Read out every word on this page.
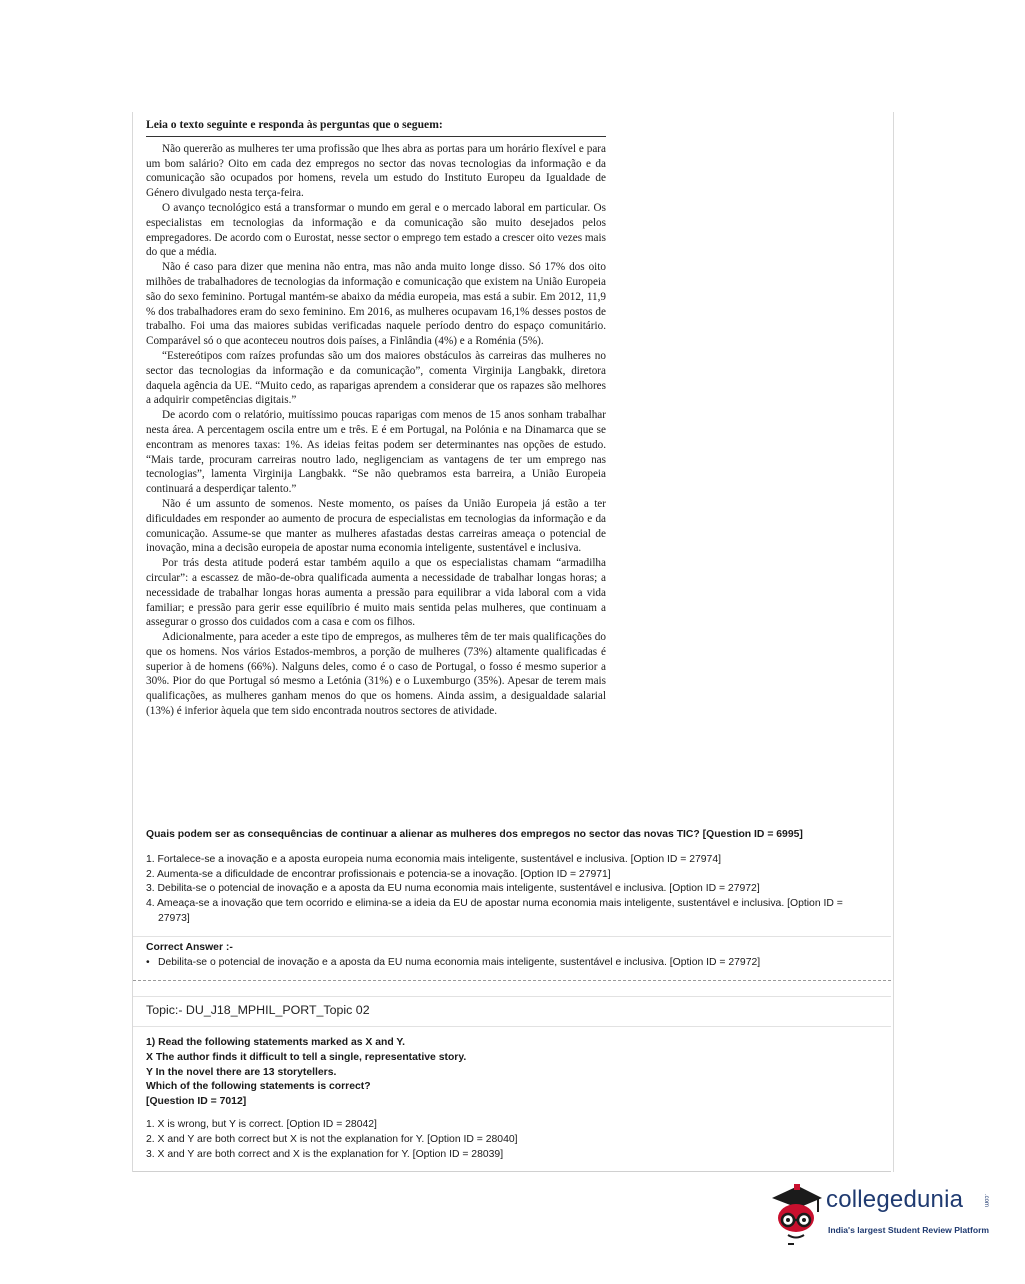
Leia o texto seguinte e responda às perguntas que o seguem:

Não quererão as mulheres ter uma profissão que lhes abra as portas para um horário flexível e para um bom salário? Oito em cada dez empregos no sector das novas tecnologias da informação e da comunicação são ocupados por homens, revela um estudo do Instituto Europeu da Igualdade de Género divulgado nesta terça-feira.

O avanço tecnológico está a transformar o mundo em geral e o mercado laboral em particular. Os especialistas em tecnologias da informação e da comunicação são muito desejados pelos empregadores. De acordo com o Eurostat, nesse sector o emprego tem estado a crescer oito vezes mais do que a média.

Não é caso para dizer que menina não entra, mas não anda muito longe disso. Só 17% dos oito milhões de trabalhadores de tecnologias da informação e comunicação que existem na União Europeia são do sexo feminino. Portugal mantém-se abaixo da média europeia, mas está a subir. Em 2012, 11,9 % dos trabalhadores eram do sexo feminino. Em 2016, as mulheres ocupavam 16,1% desses postos de trabalho. Foi uma das maiores subidas verificadas naquele período dentro do espaço comunitário. Comparável só o que aconteceu noutros dois países, a Finlândia (4%) e a Roménia (5%).

“Estereótipos com raízes profundas são um dos maiores obstáculos às carreiras das mulheres no sector das tecnologias da informação e da comunicação”, comenta Virginija Langbakk, diretora daquela agência da UE. “Muito cedo, as raparigas aprendem a considerar que os rapazes são melhores a adquirir competências digitais.”

De acordo com o relatório, muitíssimo poucas raparigas com menos de 15 anos sonham trabalhar nesta área. A percentagem oscila entre um e três. E é em Portugal, na Polónia e na Dinamarca que se encontram as menores taxas: 1%. As ideias feitas podem ser determinantes nas opções de estudo. “Mais tarde, procuram carreiras noutro lado, negligenciam as vantagens de ter um emprego nas tecnologias”, lamenta Virginija Langbakk. “Se não quebramos esta barreira, a União Europeia continuará a desperdiçar talento.”

Não é um assunto de somenos. Neste momento, os países da União Europeia já estão a ter dificuldades em responder ao aumento de procura de especialistas em tecnologias da informação e da comunicação. Assume-se que manter as mulheres afastadas destas carreiras ameaça o potencial de inovação, mina a decisão europeia de apostar numa economia inteligente, sustentável e inclusiva.

Por trás desta atitude poderá estar também aquilo a que os especialistas chamam “armadilha circular”: a escassez de mão-de-obra qualificada aumenta a necessidade de trabalhar longas horas; a necessidade de trabalhar longas horas aumenta a pressão para equilibrar a vida laboral com a vida familiar; e pressão para gerir esse equilíbrio é muito mais sentida pelas mulheres, que continuam a assegurar o grosso dos cuidados com a casa e com os filhos.

Adicionalmente, para aceder a este tipo de empregos, as mulheres têm de ter mais qualificações do que os homens. Nos vários Estados-membros, a porção de mulheres (73%) altamente qualificadas é superior à de homens (66%). Nalguns deles, como é o caso de Portugal, o fosso é mesmo superior a 30%. Pior do que Portugal só mesmo a Letónia (31%) e o Luxemburgo (35%). Apesar de terem mais qualificações, as mulheres ganham menos do que os homens. Ainda assim, a desigualdade salarial (13%) é inferior àquela que tem sido encontrada noutros sectores de atividade.

Quais podem ser as consequências de continuar a alienar as mulheres dos empregos no sector das novas TIC? [Question ID = 6995]

1. Fortalece-se a inovação e a aposta europeia numa economia mais inteligente, sustentável e inclusiva. [Option ID = 27974]

2. Aumenta-se a dificuldade de encontrar profissionais e potencia-se a inovação. [Option ID = 27971]

3. Debilita-se o potencial de inovação e a aposta da EU numa economia mais inteligente, sustentável e inclusiva. [Option ID = 27972]

4. Ameaça-se a inovação que tem ocorrido e elimina-se a ideia da EU de apostar numa economia mais inteligente, sustentável e inclusiva. [Option ID = 27973]

Correct Answer :-
• Debilita-se o potencial de inovação e a aposta da EU numa economia mais inteligente, sustentável e inclusiva. [Option ID = 27972]
Topic:- DU_J18_MPHIL_PORT_Topic 02
1) Read the following statements marked as X and Y.
X The author finds it difficult to tell a single, representative story.
Y In the novel there are 13 storytellers.
Which of the following statements is correct?
[Question ID = 7012]

1. X is wrong, but Y is correct. [Option ID = 28042]

2. X and Y are both correct but X is not the explanation for Y. [Option ID = 28040]

3. X and Y are both correct and X is the explanation for Y. [Option ID = 28039]

collegedunia	.com
India's largest Student Review Platform
